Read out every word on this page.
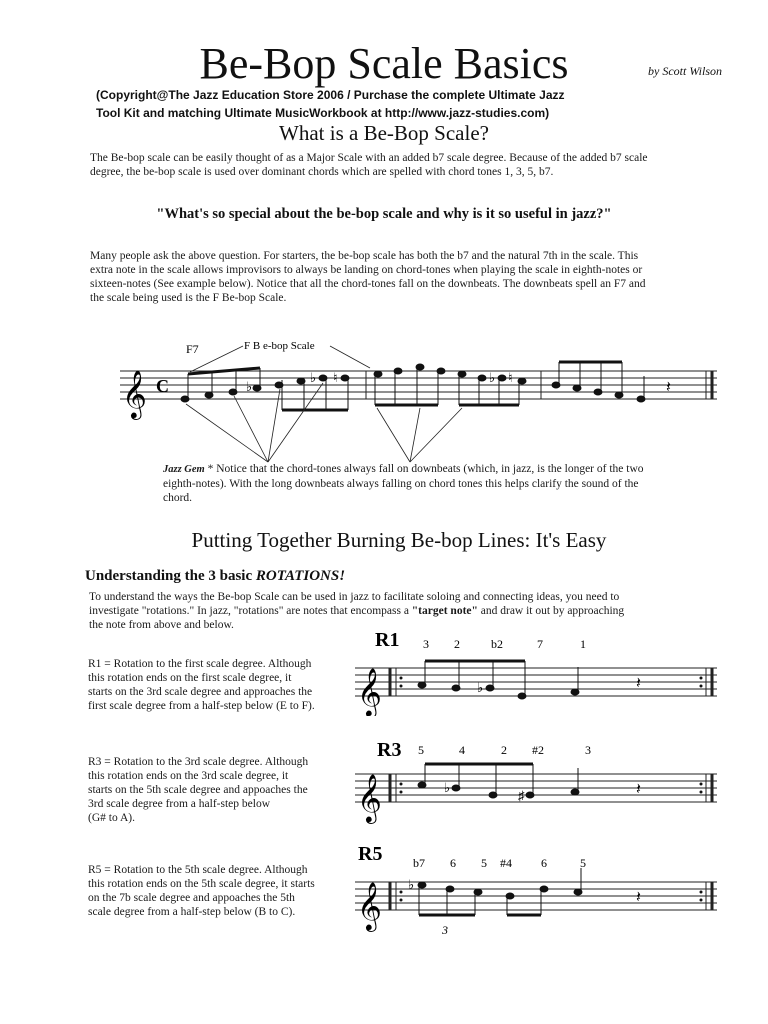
Be-Bop Scale Basics	by Scott Wilson
(Copyright@The Jazz Education Store 2006 / Purchase the complete Ultimate Jazz
Tool Kit and matching Ultimate MusicWorkbook at http://www.jazz-studies.com)
What is a Be-Bop Scale?
The Be-bop scale can be easily thought of as a Major Scale with an added b7 scale degree. Because of the added b7 scale
degree, the be-bop scale is used over dominant chords which are spelled with chord tones 1, 3, 5, b7.
"What's so special about the be-bop scale and why is it so useful in jazz?"
Many people ask the above question. For starters, the be-bop scale has both the b7 and the natural 7th in the scale. This
extra note in the scale allows improvisors to always be landing on chord-tones when playing the scale in eighth-notes or
sixteen-notes (See example below). Notice that all the chord-tones fall on the downbeats. The downbeats spell an F7 and
the scale being used is the F Be-bop Scale.
F7	F B e-bop Scale
𝄞 C	♭
♭ ♮	♭ ♮
𝄽
Jazz Gem * Notice that the chord-tones always fall on downbeats (which, in jazz, is the longer of the two
eighth-notes). With the long downbeats always falling on chord tones this helps clarify the sound of the
chord.
Putting Together Burning Be-bop Lines: It's Easy
Understanding the 3 basic ROTATIONS!
To understand the ways the Be-bop Scale can be used in jazz to facilitate soloing and connecting ideas, you need to
investigate "rotations." In jazz, "rotations" are notes that encompass a "target note" and draw it out by approaching
the note from above and below.
R1 = Rotation to the first scale degree. Although
this rotation ends on the first scale degree, it
starts on the 3rd scale degree and approaches the
first scale degree from a half-step below (E to F).
R1 3 2	b2	7	1
𝄞	♭	𝄽
R3 = Rotation to the 3rd scale degree. Although
this rotation ends on the 3rd scale degree, it
starts on the 5th scale degree and appoaches the
3rd scale degree from a half-step below
(G# to A).
R3 5	4	2 #2	3
𝄞	♭
♯	𝄽
R5 = Rotation to the 5th scale degree. Although
this rotation ends on the 5th scale degree, it starts
on the 7b scale degree and appoaches the 5th
scale degree from a half-step below (B to C).
R5	b7 6 5 #4 6	5
𝄞 ♭
3
𝄽
